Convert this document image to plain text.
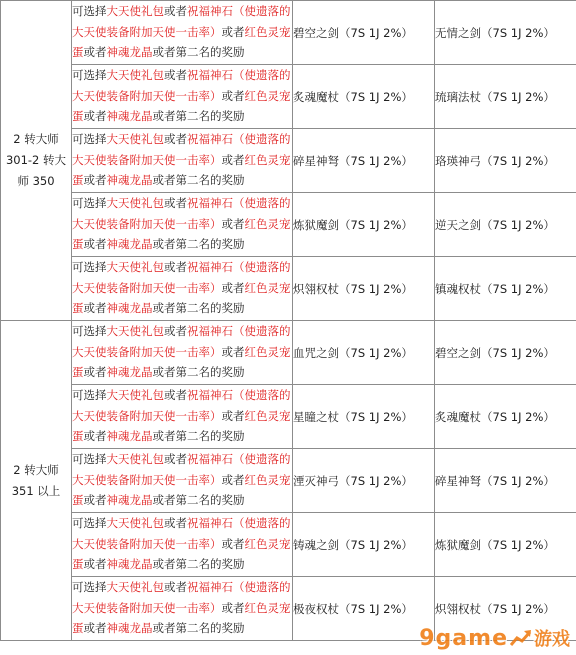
2 转大师 301-2 转大师 350	可选择大天使礼包或者祝福神石（使遗落的大天使装备附加天使一击率）或者红色灵宠蛋或者神魂龙晶或者第二名的奖励	碧空之剑（7S 1J 2%）	无情之剑（7S 1J 2%）
	可选择大天使礼包或者祝福神石（使遗落的大天使装备附加天使一击率）或者红色灵宠蛋或者神魂龙晶或者第二名的奖励	炙魂魔杖（7S 1J 2%）	琉璃法杖（7S 1J 2%）
	可选择大天使礼包或者祝福神石（使遗落的大天使装备附加天使一击率）或者红色灵宠蛋或者神魂龙晶或者第二名的奖励	碎星神弩（7S 1J 2%）	珞瑛神弓（7S 1J 2%）
	可选择大天使礼包或者祝福神石（使遗落的大天使装备附加天使一击率）或者红色灵宠蛋或者神魂龙晶或者第二名的奖励	炼狱魔剑（7S 1J 2%）	逆天之剑（7S 1J 2%）
	可选择大天使礼包或者祝福神石（使遗落的大天使装备附加天使一击率）或者红色灵宠蛋或者神魂龙晶或者第二名的奖励	炽翎权杖（7S 1J 2%）	镇魂权杖（7S 1J 2%）
2 转大师 351 以上	可选择大天使礼包或者祝福神石（使遗落的大天使装备附加天使一击率）或者红色灵宠蛋或者神魂龙晶或者第二名的奖励	血咒之剑（7S 1J 2%）	碧空之剑（7S 1J 2%）
	可选择大天使礼包或者祝福神石（使遗落的大天使装备附加天使一击率）或者红色灵宠蛋或者神魂龙晶或者第二名的奖励	星瞳之杖（7S 1J 2%）	炙魂魔杖（7S 1J 2%）
	可选择大天使礼包或者祝福神石（使遗落的大天使装备附加天使一击率）或者红色灵宠蛋或者神魂龙晶或者第二名的奖励	湮灭神弓（7S 1J 2%）	碎星神弩（7S 1J 2%）
	可选择大天使礼包或者祝福神石（使遗落的大天使装备附加天使一击率）或者红色灵宠蛋或者神魂龙晶或者第二名的奖励	铸魂之剑（7S 1J 2%）	炼狱魔剑（7S 1J 2%）
	可选择大天使礼包或者祝福神石（使遗落的大天使装备附加天使一击率）或者红色灵宠蛋或者神魂龙晶或者第二名的奖励	极夜权杖（7S 1J 2%）	炽翎权杖（7S 1J 2%）
9game 游戏
